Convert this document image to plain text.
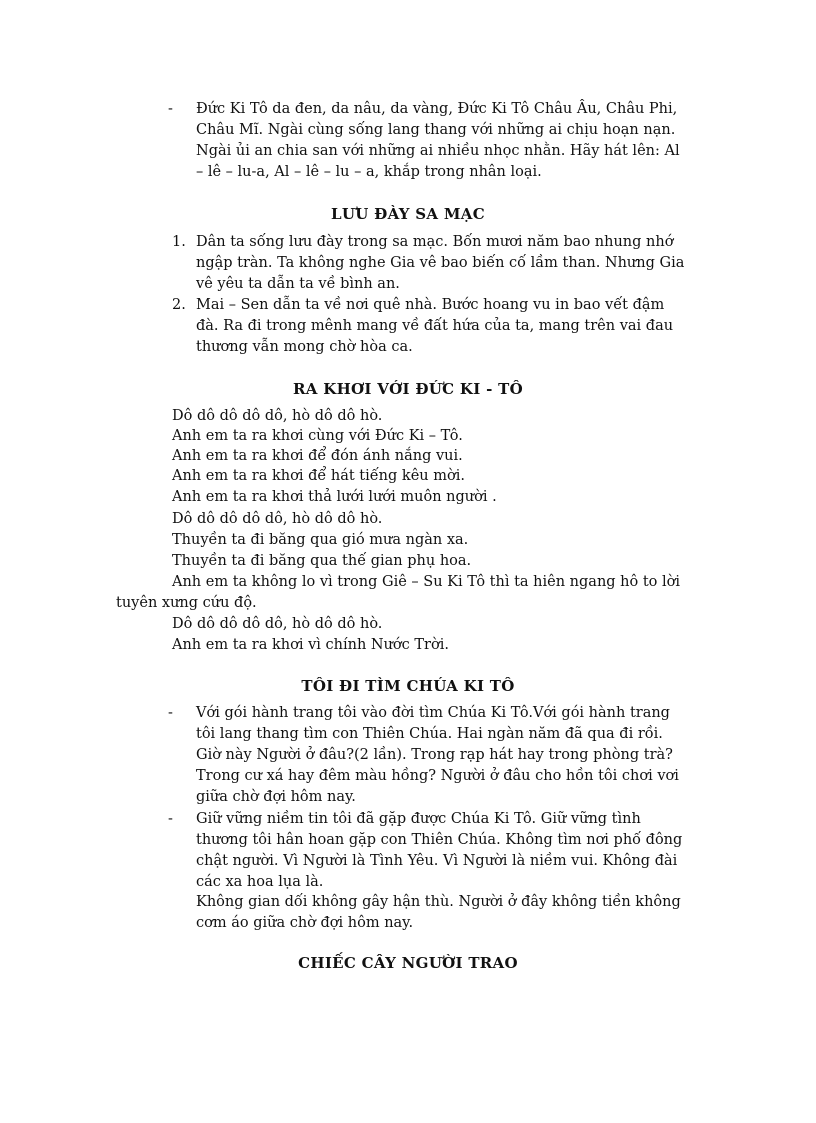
-	Đức Ki Tô da đen, da nâu, da vàng, Đức Ki Tô Châu Âu, Châu Phi, Châu Mĩ. Ngài cùng sống lang thang với những ai chịu hoạn nạn. Ngài ủi an chia san với những ai nhiều nhọc nhằn. Hãy hát lên: Al – lê – lu-a, Al – lê – lu – a, khắp trong nhân loại.
LƯU ĐÀY SA MẠC
1. Dân ta sống lưu đày trong sa mạc. Bốn mươi năm bao nhung nhớ ngập tràn. Ta không nghe Gia vê bao biến cố lầm than. Nhưng Gia vê yêu ta dẫn ta về bình an.
2. Mai – Sen dẫn ta về nơi quê nhà. Bước hoang vu in bao vết đậm đà. Ra đi trong mênh mang về đất hứa của ta, mang trên vai đau thương vẫn mong chờ hòa ca.
RA KHƠI VỚI ĐỨC KI - TÔ
Dô dô dô dô dô, hò dô dô hò.
Anh em ta ra khơi cùng với Đức Ki – Tô.
Anh em ta ra khơi để đón ánh nắng vui.
Anh em ta ra khơi để hát tiếng kêu mời.
Anh em ta ra khơi thả lưới lưới muôn người .
Dô dô dô dô dô, hò dô dô hò.
Thuyền ta đi băng qua gió mưa ngàn xa.
Thuyền ta đi băng qua thế gian phụ hoa.
Anh em ta không lo vì trong Giê – Su Ki Tô thì ta hiên ngang hô to lời
tuyên xưng cứu độ.
Dô dô dô dô dô, hò dô dô hò.
Anh em ta ra khơi vì chính Nước Trời.
TÔI ĐI TÌM CHÚA KI TÔ
-	Với gói hành trang tôi vào đời tìm Chúa Ki Tô.Với gói hành trang tôi lang thang tìm con Thiên Chúa. Hai ngàn năm đã qua đi rồi. Giờ này Người ở đâu?(2 lần). Trong rạp hát hay trong phòng trà? Trong cư xá hay đêm màu hồng? Người ở đâu cho hồn tôi chơi vơi giữa chờ đợi hôm nay.
-	Giữ vững niềm tin tôi đã gặp được Chúa Ki Tô. Giữ vững tình thương tôi hân hoan gặp con Thiên Chúa. Không tìm nơi phố đông chật người. Vì Người là Tình Yêu. Vì Người là niềm vui. Không đài các xa hoa lụa là.
Không gian dối không gây hận thù. Người ở đây không tiền không cơm áo giữa chờ đợi hôm nay.
CHIẾC CÂY NGƯỜI TRAO
